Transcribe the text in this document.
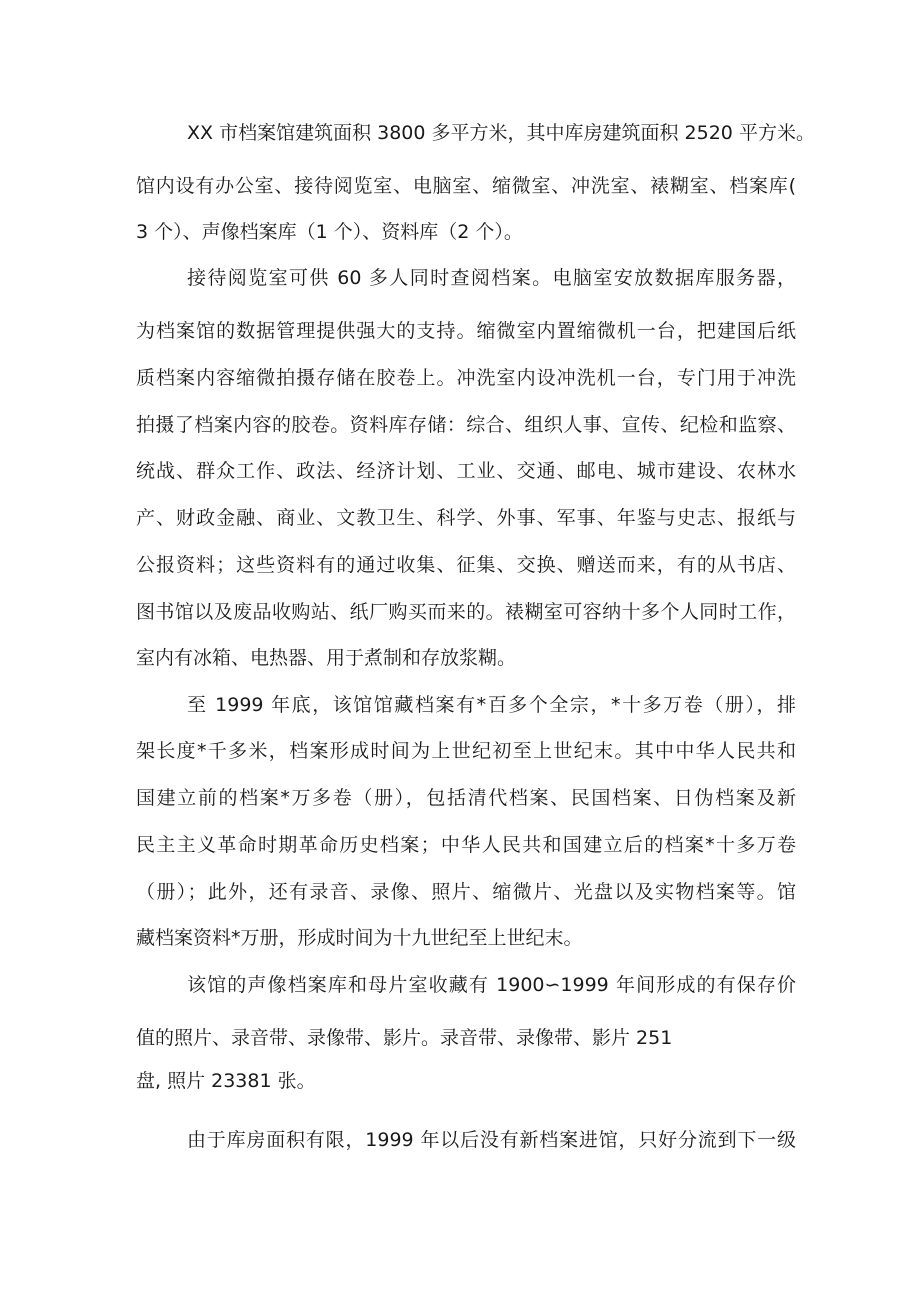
XX 市档案馆建筑面积 3800 多平方米，其中库房建筑面积 2520 平方米。

馆内设有办公室、接待阅览室、电脑室、缩微室、冲洗室、裱糊室、档案库(

3 个）、声像档案库（1 个）、资料库（2 个）。

接待阅览室可供 60 多人同时查阅档案。电脑室安放数据库服务器，

为档案馆的数据管理提供强大的支持。缩微室内置缩微机一台，把建国后纸

质档案内容缩微拍摄存储在胶卷上。冲洗室内设冲洗机一台，专门用于冲洗

拍摄了档案内容的胶卷。资料库存储：综合、组织人事、宣传、纪检和监察、

统战、群众工作、政法、经济计划、工业、交通、邮电、城市建设、农林水

产、财政金融、商业、文教卫生、科学、外事、军事、年鉴与史志、报纸与

公报资料；这些资料有的通过收集、征集、交换、赠送而来，有的从书店、

图书馆以及废品收购站、纸厂购买而来的。裱糊室可容纳十多个人同时工作，

室内有冰箱、电热器、用于煮制和存放浆糊。

至 1999 年底，该馆馆藏档案有*百多个全宗，*十多万卷（册），排

架长度*千多米，档案形成时间为上世纪初至上世纪末。其中中华人民共和

国建立前的档案*万多卷（册），包括清代档案、民国档案、日伪档案及新

民主主义革命时期革命历史档案；中华人民共和国建立后的档案*十多万卷

（册）；此外，还有录音、录像、照片、缩微片、光盘以及实物档案等。馆

藏档案资料*万册，形成时间为十九世纪至上世纪末。

该馆的声像档案库和母片室收藏有 1900∽1999 年间形成的有保存价

值的照片、录音带、录像带、影片。录音带、录像带、影片 251

盘, 照片 23381 张。

由于库房面积有限，1999 年以后没有新档案进馆，只好分流到下一级
